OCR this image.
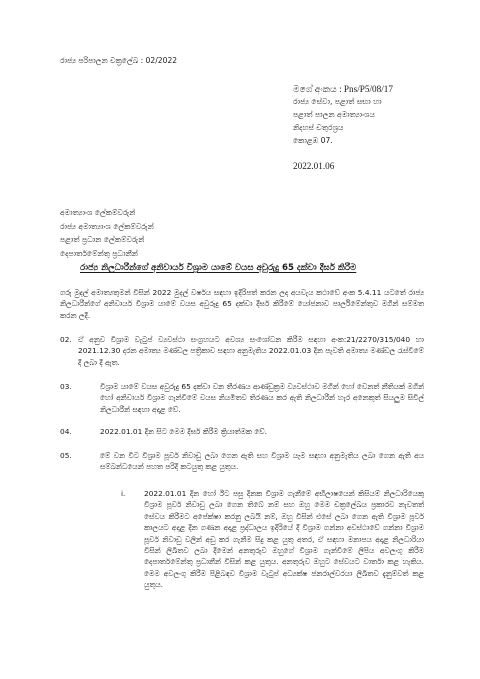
රාජ්‍ය පරිපාලන චක්‍රලේඛ : 02/2022
මගේ අංකය : Pns/P5/08/17
රාජ්‍ය සේවා, පළාත් සභා හා
පළාත් පාලන අමාත්‍යාංශය
නිදහස් චතුරශ්‍රය
කොළඹ 07.
2022.01.06
අමාත්‍යාංශ ලේකම්වරුන්
රාජ්‍ය අමාත්‍යාංශ ලේකම්වරුන්
පළාත් ප්‍රධාන ලේකම්වරුන්
දෙපාර්තමේන්තු ප්‍රධානීන්
රාජ්‍ය නිලධාරීන්ගේ අනිවාර්ය විශ්‍රාම යාමේ වයස අවුරුදු 65 දක්වා දීර්ඝ කිරීම
ගරු මුදල් අමාත්‍යතුමන් විසින් 2022 මුදල් වර්ෂය සඳහා ඉදිරිපත් කරන ලද අයවැය කථාවේ අංක 5.4.11 යටතේ රාජ්‍ය නිලධාරීන්ගේ අනිවාර්ය විශ්‍රාම යාමේ වයස අවුරුදු 65 දක්වා දීර්ඝ කිරීමේ යෝජනාව පාර්ලිමේන්තුව මගින් සම්මත කරන ලදී.
02. ඒ අනුව විශ්‍රාම වැටුප් ව්‍යවස්ථා සංග්‍රහයට අවශ්‍ය සංශෝධන කිරීම සඳහා අංක:21/2270/315/040 හා 2021.12.30 දරන අමාත්‍ය මණ්ඩල පත්‍රිකාව සඳහා අනුමැතිය 2022.01.03 දින පැවති අමාත්‍ය මණ්ඩල රැස්වීමේ දී ලබා දී ඇත.
03.	විශ්‍රාම යාමේ වයස අවුරුදු 65 දක්වා වන තීරණය ආණ්ඩුක්‍රම ව්‍යවස්ථාව මගින් හෝ වෙනත් නීතියක් මගින් හෝ අනිවාර්ය විශ්‍රාම ගැන්වීමේ වයස නියමිතව තිරණය කර ඇති නිලධාරීන් හැර අනෙකුත් සියලුම සිවිල් නිලධාරීන් සඳහා අදාළ වේ.
04.	2022.01.01 දින සිට මෙම දීර්ඝ කිරීම ක්‍රියාත්මක වේ.
05.	මේ වන විට විශ්‍රාම පූර්ව නිවාඩු ලබා ගෙන ඇති සහ විශ්‍රාම යෑම සඳහා අනුමැතිය ලබා ගෙන ඇති අය සම්බන්ධයෙන් පහත පරිදි කටයුතු කළ යුතුය.
i.	2022.01.01 දින හෝ ඊට පසු දිනක විශ්‍රාම ගැනීමේ අභිලාෂයෙන් කිසියම් නිලධාරියෙකු විශ්‍රාම පූර්ව නිවාඩු ලබා ගෙන තිබේ නම් සහ ඔහු මෙම චක්‍රලේඛය ප්‍රකාරව නැවතත් සේවය කිරීමට අපේක්ෂා කරනු ලබයි නම්, ඔහු විසින් එසේ ලබා ගෙන ඇති විශ්‍රාම පූර්ව කාලයට අදාළ දින ගණන අදාළ ප්‍රද්ධාලය ඉදිරියේ දී විශ්‍රාම ගන්නා අවස්ථාවේ ගන්නා විශ්‍රාම පූර්ව නිවාඩු වලින් අඩු කර ගැනීම සිදු කළ යුතු අතර, ඒ සඳහා මනාපය අදාළ නිලධාරියා විසින් ලිඛිතව ලබා දීමෙන් අනතුරුව ඔහුගේ විශ්‍රාම ගැන්වීමේ ලිපිය අවලංගු කිරීම දෙපාර්තමේන්තු ප්‍රධානීන් විසින් කළ යුතුය. අනතුරුව ඔහුට සේවයට වාර්තා කළ හැකිය. මෙම අවලංගු කිරීම පිළිබඳව විශ්‍රාම වැටුප් අධ්‍යක්ෂ ජනරාල්වරයා ලිඛිතව දැනුම්වත් කළ යුතුය.
